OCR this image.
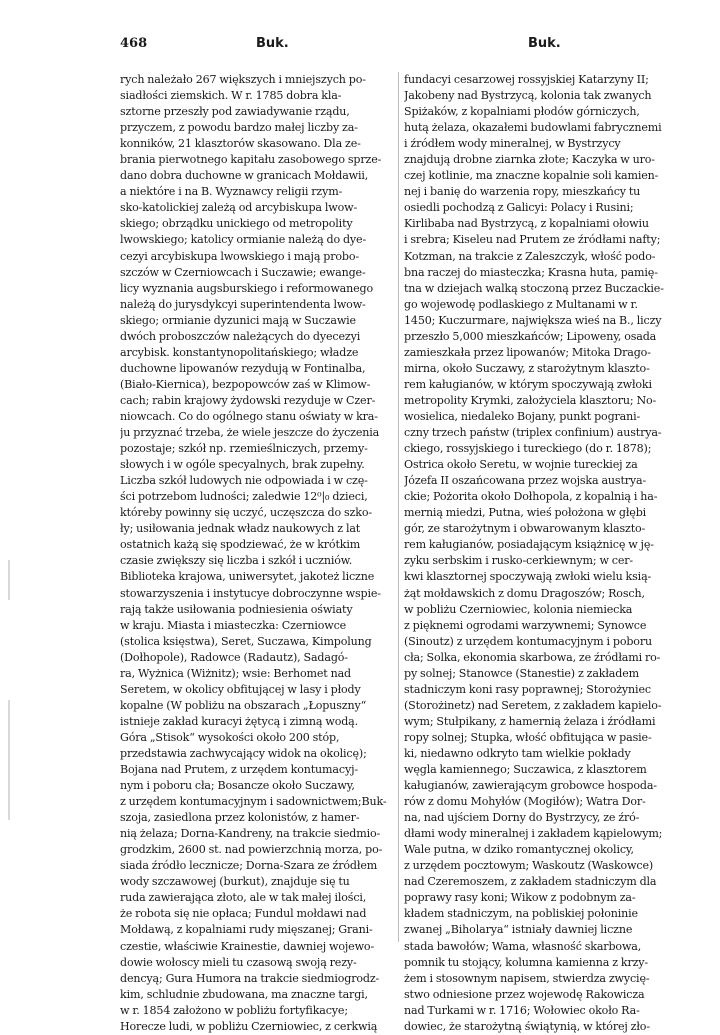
468	Buk.	Buk.
rych należało 267 większych i mniejszych po-
siadłości ziemskich. W r. 1785 dobra kla-
sztorne przeszły pod zawiadywanie rządu,
przyczem, z powodu bardzo małej liczby za-
konników, 21 klasztorów skasowano. Dla ze-
brania pierwotnego kapitału zasobowego sprze-
dano dobra duchowne w granicach Mołdawii,
a niektóre i na B. Wyznawcy religii rzym-
sko-katolickiej zależą od arcybiskupa lwow-
skiego; obrządku unickiego od metropolity
lwowskiego; katolicy ormianie należą do dye-
cezyi arcybiskupa lwowskiego i mają probo-
szczów w Czerniowcach i Suczawie; ewange-
licy wyznania augsburskiego i reformowanego
należą do jurysdykcyi superintendenta lwow-
skiego; ormianie dyzunici mają w Suczawie
dwóch proboszczów należących do dyecezyi
arcybisk. konstantynopolitańskiego; władze
duchowne lipowanów rezydują w Fontinalba,
(Biało-Kiernica), bezpopowców zaś w Klimow-
cach; rabin krajowy żydowski rezyduje w Czer-
niowcach. Co do ogólnego stanu oświaty w kra-
ju przyznać trzeba, że wiele jeszcze do życzenia
pozostaje; szkół np. rzemieślniczych, przemy-
słowych i w ogóle specyalnych, brak zupełny.
Liczba szkół ludowych nie odpowiada i w czę-
ści potrzebom ludności; zaledwie 12⁰|₀ dzieci,
któreby powinny się uczyć, uczęszcza do szko-
ły; usiłowania jednak władz naukowych z lat
ostatnich każą się spodziewać, że w krótkim
czasie zwiększy się liczba i szkół i uczniów.
Biblioteka krajowa, uniwersytet, jakoteż liczne
stowarzyszenia i instytucye dobroczynne wspie-
rają także usiłowania podniesienia oświaty
w kraju. Miasta i miasteczka: Czerniowce
(stolica księstwa), Seret, Suczawa, Kimpolung
(Dołhopole), Radowce (Radautz), Sadagó-
ra, Wyżnica (Wiżnitz); wsie: Berhomet nad
Seretem, w okolicy obfitującej w lasy i płody
kopalne (W pobliżu na obszarach „Łopuszny“
istnieje zakład kuracyi żętycą i zimną wodą.
Góra „Stisok“ wysokości około 200 stóp,
przedstawia zachwycający widok na okolicę);
Bojana nad Prutem, z urzędem kontumacyj-
nym i poboru cła; Bosancze około Suczawy,
z urzędem kontumacyjnym i sadownictwem;Buk-
szoja, zasiedlona przez kolonistów, z hamer-
nią żelaza; Dorna-Kandreny, na trakcie siedmio-
grodzkim, 2600 st. nad powierzchnią morza, po-
siada źródło lecznicze; Dorna-Szara ze źródłem
wody szczawowej (burkut), znajduje się tu
ruda zawierająca złoto, ale w tak małej ilości,
że robota się nie opłaca; Fundul mołdawi nad
Mołdawą, z kopalniami rudy mięszanej; Grani-
czestie, właściwie Krainestie, dawniej wojewo-
dowie wołoscy mieli tu czasową swoją rezy-
dencyą; Gura Humora na trakcie siedmiogrodz-
kim, schludnie zbudowana, ma znaczne targi,
w r. 1854 założono w pobliżu fortyfikacye;
Horecze ludi, w pobliżu Czerniowiec, z cerkwią
fundacyi cesarzowej rossyjskiej Katarzyny II;
Jakobeny nad Bystrzycą, kolonia tak zwanych
Spiżaków, z kopalniami płodów górniczych,
hutą żelaza, okazałemi budowlami fabrycznemi
i źródłem wody mineralnej, w Bystrzycy
znajdują drobne ziarnka złote; Kaczyka w uro-
czej kotlinie, ma znaczne kopalnie soli kamien-
nej i banię do warzenia ropy, mieszkańcy tu
osiedli pochodzą z Galicyi: Polacy i Rusini;
Kirlibaba nad Bystrzycą, z kopalniami ołowiu
i srebra; Kiseleu nad Prutem ze źródłami nafty;
Kotzman, na trakcie z Zaleszczyk, włość podo-
bna raczej do miasteczka; Krasna huta, pamię-
tna w dziejach walką stoczoną przez Buczackie-
go wojewodę podlaskiego z Multanami w r.
1450; Kuczurmare, największa wieś na B., liczy
przeszło 5,000 mieszkańców; Lipoweny, osada
zamieszkała przez lipowanów; Mitoka Drago-
mirna, około Suczawy, z starożytnym klaszto-
rem kaługianów, w którym spoczywają zwłoki
metropolity Krymki, założyciela klasztoru; No-
wosielica, niedaleko Bojany, punkt pograni-
czny trzech państw (triplex confinium) austrya-
ckiego, rossyjskiego i tureckiego (do r. 1878);
Ostrica około Seretu, w wojnie tureckiej za
Józefa II oszańcowana przez wojska austrya-
ckie; Pożorita około Dołhopola, z kopalnią i ha-
mernią miedzi, Putna, wieś położona w głębi
gór, ze starożytnym i obwarowanym klaszto-
rem kaługianów, posiadającym książnicę w ję-
zyku serbskim i rusko-cerkiewnym; w cer-
kwi klasztornej spoczywają zwłoki wielu ksią-
żąt mołdawskich z domu Dragoszów; Rosch,
w pobliżu Czerniowiec, kolonia niemiecka
z pięknemi ogrodami warzywnemi; Synowce
(Sinoutz) z urzędem kontumacyjnym i poboru
cła; Solka, ekonomia skarbowa, ze źródłami ro-
py solnej; Stanowce (Stanestie) z zakładem
stadniczym koni rasy poprawnej; Storożyniec
(Storożinetz) nad Seretem, z zakładem kapielo-
wym; Stułpikany, z hamernią żelaza i źródłami
ropy solnej; Stupka, włość obfitująca w pasie-
ki, niedawno odkryto tam wielkie pokłady
węgla kamiennego; Suczawica, z klasztorem
kaługianów, zawierającym grobowce hospoda-
rów z domu Mohyłów (Mogiłów); Watra Dor-
na, nad ujściem Dorny do Bystrzycy, ze źró-
dłami wody mineralnej i zakładem kąpielowym;
Wale putna, w dziko romantycznej okolicy,
z urzędem pocztowym; Waskoutz (Waskowce)
nad Czeremoszem, z zakładem stadniczym dla
poprawy rasy koni; Wikow z podobnym za-
kładem stadniczym, na pobliskiej połoninie
zwanej „Biholarya“ istniały dawniej liczne
stada bawołów; Wama, własność skarbowa,
pomnik tu stojący, kolumna kamienna z krzy-
żem i stosownym napisem, stwierdza zwycię-
stwo odniesione przez wojewodę Rakowicza
nad Turkami w r. 1716; Wołowiec około Ra-
dowiec, że starożytną świątynią, w której zło-
